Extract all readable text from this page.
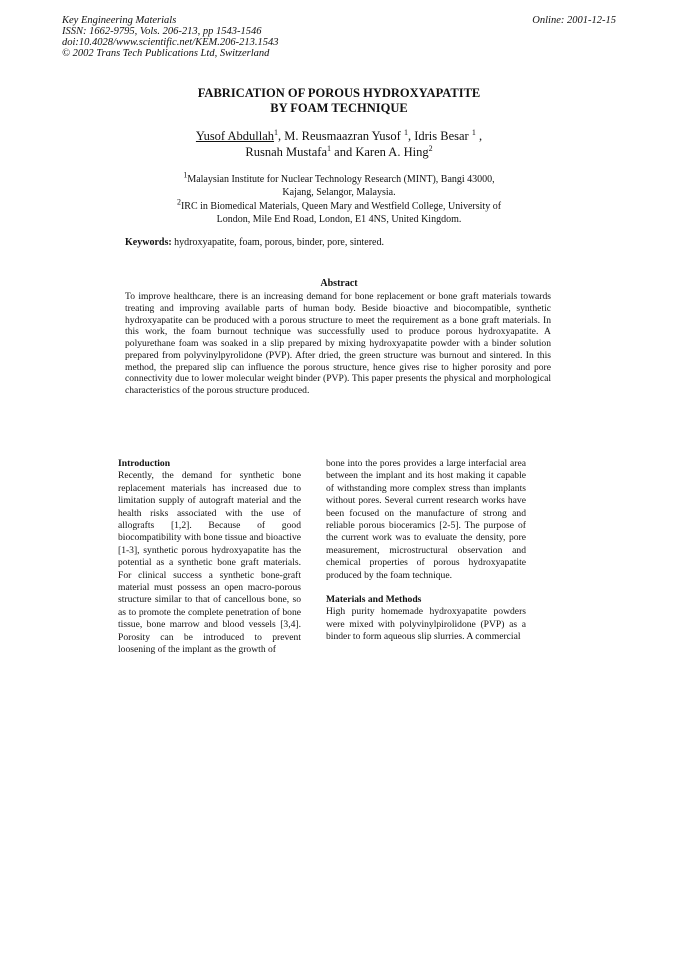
Key Engineering Materials
ISSN: 1662-9795, Vols. 206-213, pp 1543-1546
doi:10.4028/www.scientific.net/KEM.206-213.1543
© 2002 Trans Tech Publications Ltd, Switzerland
Online: 2001-12-15
FABRICATION OF POROUS HYDROXYAPATITE
BY FOAM TECHNIQUE
Yusof Abdullah$^1$, M. Reusmaazran Yusof $^1$, Idris Besar $^1$ ,
Rusnah Mustafa$^1$ and Karen A. Hing$^2$
$^1$Malaysian Institute for Nuclear Technology Research (MINT), Bangi 43000,
Kajang, Selangor, Malaysia.
$^2$IRC in Biomedical Materials, Queen Mary and Westfield College, University of
London, Mile End Road, London, E1 4NS, United Kingdom.
Keywords: hydroxyapatite, foam, porous, binder, pore, sintered.
Abstract
To improve healthcare, there is an increasing demand for bone replacement or bone graft materials towards treating and improving available parts of human body. Beside bioactive and biocompatible, synthetic hydroxyapatite can be produced with a porous structure to meet the requirement as a bone graft materials. In this work, the foam burnout technique was successfully used to produce porous hydroxyapatite. A polyurethane foam was soaked in a slip prepared by mixing hydroxyapatite powder with a binder solution prepared from polyvinylpyrolidone (PVP). After dried, the green structure was burnout and sintered. In this method, the prepared slip can influence the porous structure, hence gives rise to higher porosity and pore connectivity due to lower molecular weight binder (PVP). This paper presents the physical and morphological characteristics of the porous structure produced.
Introduction
Recently, the demand for synthetic bone replacement materials has increased due to limitation supply of autograft material and the health risks associated with the use of allografts [1,2]. Because of good biocompatibility with bone tissue and bioactive [1-3], synthetic porous hydroxyapatite has the potential as a synthetic bone graft materials. For clinical success a synthetic bone-graft material must possess an open macro-porous structure similar to that of cancellous bone, so as to promote the complete penetration of bone tissue, bone marrow and blood vessels [3,4]. Porosity can be introduced to prevent loosening of the implant as the growth of
bone into the pores provides a large interfacial area between the implant and its host making it capable of withstanding more complex stress than implants without pores. Several current research works have been focused on the manufacture of strong and reliable porous bioceramics [2-5]. The purpose of the current work was to evaluate the density, pore measurement, microstructural observation and chemical properties of porous hydroxyapatite produced by the foam technique.
Materials and Methods
High purity homemade hydroxyapatite powders were mixed with polyvinylpirolidone (PVP) as a binder to form aqueous slip slurries. A commercial
